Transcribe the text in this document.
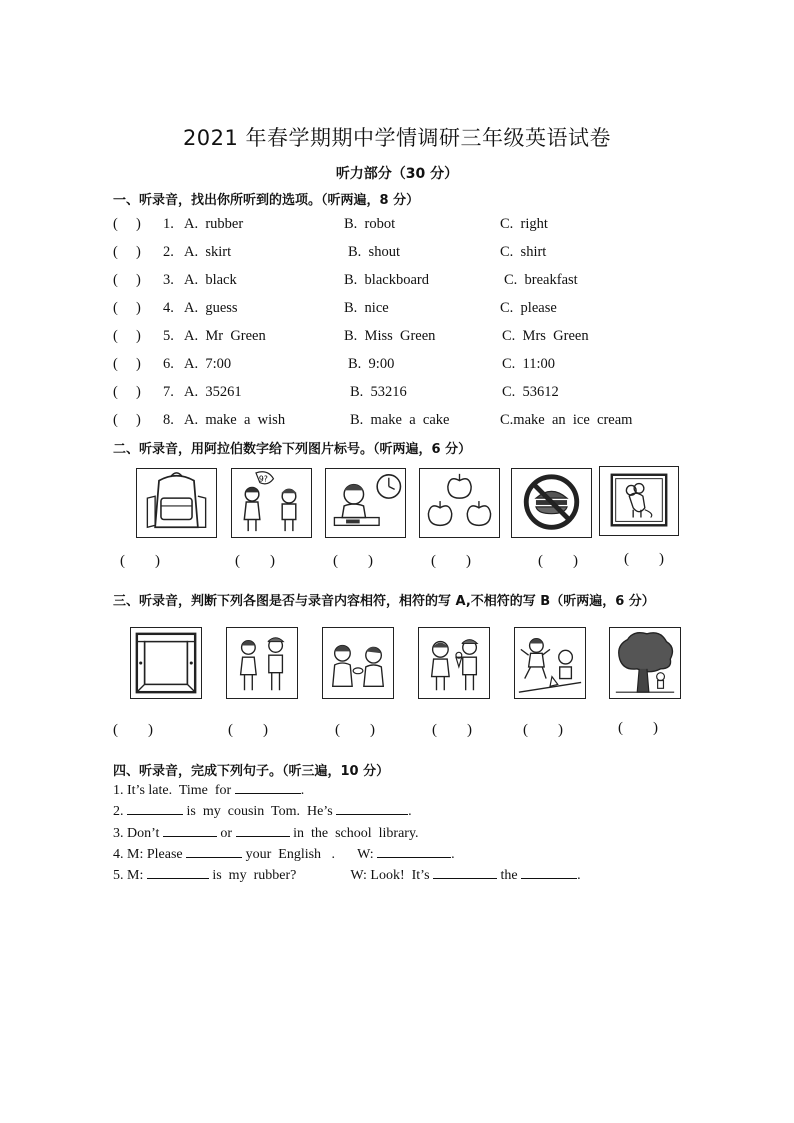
2021 年春学期期中学情调研三年级英语试卷
听力部分（30 分）
一、听录音，找出你所听到的选项。（听两遍，8 分）
(     ) 1. A.  rubber	B.  robot	C.  right
(     ) 2. A.  skirt	B.  shout	C.  shirt
(     ) 3. A.  black	B.  blackboard	C.  breakfast
(     ) 4. A.  guess	B.  nice	C.  please
(     ) 5. A.  Mr  Green	B.  Miss  Green	C.  Mrs  Green
(     ) 6. A.  7:00	B.  9:00	C.  11:00
(     ) 7. A.  35261	B.  53216	C.  53612
(     ) 8. A.  make  a  wish	B.  make  a  cake	C.make  an  ice  cream
二、听录音，用阿拉伯数字给下列图片标号。（听两遍，6 分）
9?
(        )	(        )	(        )	(        )	(        )	(        )
三、听录音，判断下列各图是否与录音内容相符，相符的写 A,不相符的写 B（听两遍，6 分）
(        )	(        )	(        )	(        )	(        )	(        )
四、听录音，完成下列句子。（听三遍，10 分）
1. It’s late.  Time  for	.
2.	is  my  cousin  Tom.  He’s	.
3. Don’t	or	in  the  school  library.
4. M: Please	your  English   . W:	.
5. M:	is  my  rubber?	W: Look!  It’s	the	.
